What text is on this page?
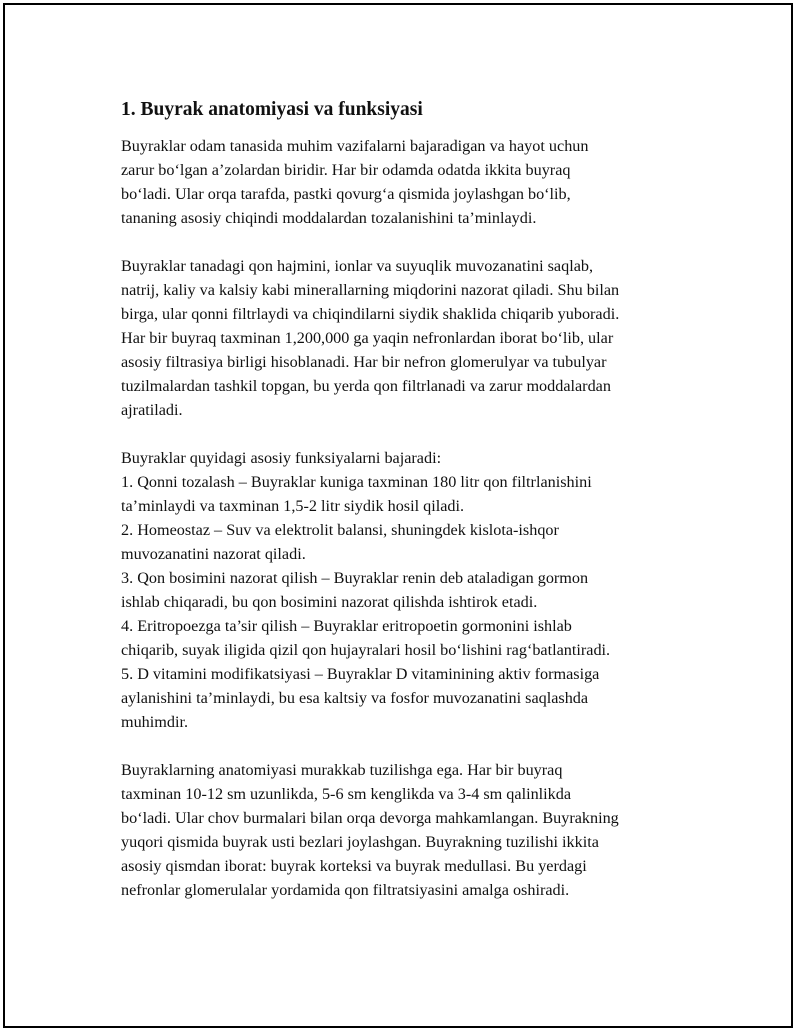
1. Buyrak anatomiyasi va funksiyasi

Buyraklar odam tanasida muhim vazifalarni bajaradigan va hayot uchun
zarur bo‘lgan a’zolardan biridir. Har bir odamda odatda ikkita buyraq
bo‘ladi. Ular orqa tarafda, pastki qovurg‘a qismida joylashgan bo‘lib,
tananing asosiy chiqindi moddalardan tozalanishini ta’minlaydi.

Buyraklar tanadagi qon hajmini, ionlar va suyuqlik muvozanatini saqlab,
natrij, kaliy va kalsiy kabi minerallarning miqdorini nazorat qiladi. Shu bilan
birga, ular qonni filtrlaydi va chiqindilarni siydik shaklida chiqarib yuboradi.
Har bir buyraq taxminan 1,200,000 ga yaqin nefronlardan iborat bo‘lib, ular
asosiy filtrasiya birligi hisoblanadi. Har bir nefron glomerulyar va tubulyar
tuzilmalardan tashkil topgan, bu yerda qon filtrlanadi va zarur moddalardan
ajratiladi.

Buyraklar quyidagi asosiy funksiyalarni bajaradi:
1. Qonni tozalash – Buyraklar kuniga taxminan 180 litr qon filtrlanishini
ta’minlaydi va taxminan 1,5-2 litr siydik hosil qiladi.
2. Homeostaz – Suv va elektrolit balansi, shuningdek kislota-ishqor
muvozanatini nazorat qiladi.
3. Qon bosimini nazorat qilish – Buyraklar renin deb ataladigan gormon
ishlab chiqaradi, bu qon bosimini nazorat qilishda ishtirok etadi.
4. Eritropoezga ta’sir qilish – Buyraklar eritropoetin gormonini ishlab
chiqarib, suyak iligida qizil qon hujayralari hosil bo‘lishini rag‘batlantiradi.
5. D vitamini modifikatsiyasi – Buyraklar D vitaminining aktiv formasiga
aylanishini ta’minlaydi, bu esa kaltsiy va fosfor muvozanatini saqlashda
muhimdir.

Buyraklarning anatomiyasi murakkab tuzilishga ega. Har bir buyraq
taxminan 10-12 sm uzunlikda, 5-6 sm kenglikda va 3-4 sm qalinlikda
bo‘ladi. Ular chov burmalari bilan orqa devorga mahkamlangan. Buyrakning
yuqori qismida buyrak usti bezlari joylashgan. Buyrakning tuzilishi ikkita
asosiy qismdan iborat: buyrak korteksi va buyrak medullasi. Bu yerdagi
nefronlar glomerulalar yordamida qon filtratsiyasini amalga oshiradi.
